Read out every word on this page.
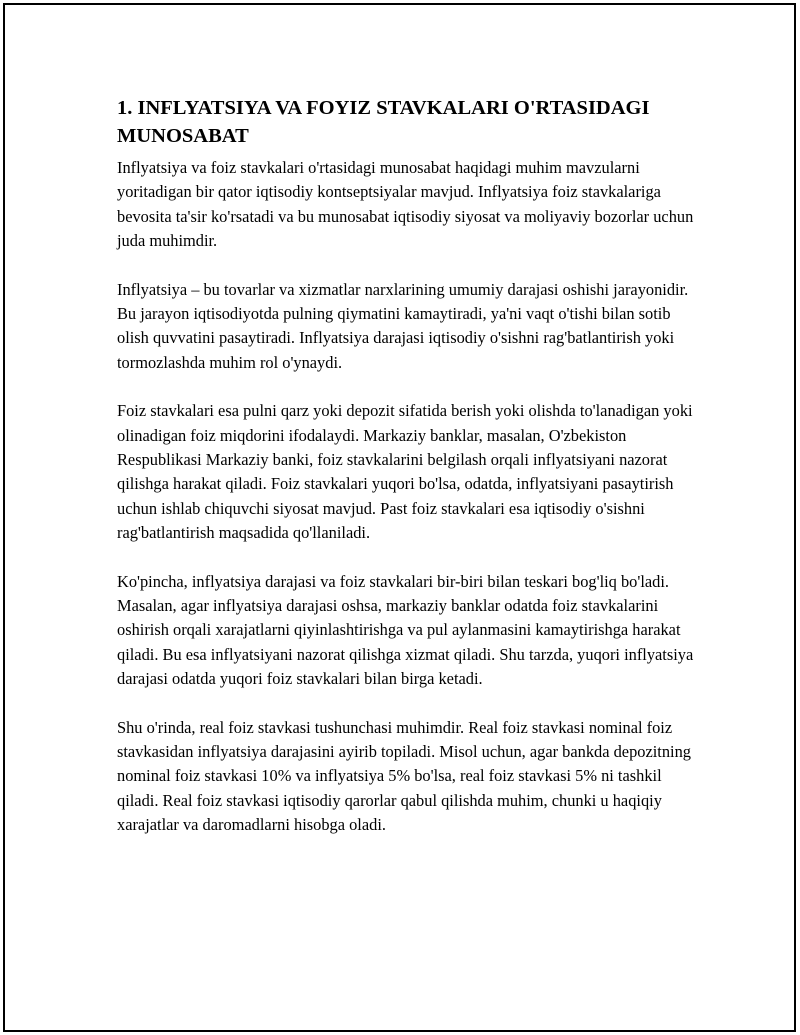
1. INFLYATSIYA VA FOYIZ STAVKALARI O'RTASIDAGI MUNOSABAT

Inflyatsiya va foiz stavkalari o'rtasidagi munosabat haqidagi muhim mavzularni yoritadigan bir qator iqtisodiy kontseptsiyalar mavjud. Inflyatsiya foiz stavkalariga bevosita ta'sir ko'rsatadi va bu munosabat iqtisodiy siyosat va moliyaviy bozorlar uchun juda muhimdir.

Inflyatsiya – bu tovarlar va xizmatlar narxlarining umumiy darajasi oshishi jarayonidir. Bu jarayon iqtisodiyotda pulning qiymatini kamaytiradi, ya'ni vaqt o'tishi bilan sotib olish quvvatini pasaytiradi. Inflyatsiya darajasi iqtisodiy o'sishni rag'batlantirish yoki tormozlashda muhim rol o'ynaydi.

Foiz stavkalari esa pulni qarz yoki depozit sifatida berish yoki olishda to'lanadigan yoki olinadigan foiz miqdorini ifodalaydi. Markaziy banklar, masalan, O'zbekiston Respublikasi Markaziy banki, foiz stavkalarini belgilash orqali inflyatsiyani nazorat qilishga harakat qiladi. Foiz stavkalari yuqori bo'lsa, odatda, inflyatsiyani pasaytirish uchun ishlab chiquvchi siyosat mavjud. Past foiz stavkalari esa iqtisodiy o'sishni rag'batlantirish maqsadida qo'llaniladi.

Ko'pincha, inflyatsiya darajasi va foiz stavkalari bir-biri bilan teskari bog'liq bo'ladi. Masalan, agar inflyatsiya darajasi oshsa, markaziy banklar odatda foiz stavkalarini oshirish orqali xarajatlarni qiyinlashtirishga va pul aylanmasini kamaytirishga harakat qiladi. Bu esa inflyatsiyani nazorat qilishga xizmat qiladi. Shu tarzda, yuqori inflyatsiya darajasi odatda yuqori foiz stavkalari bilan birga ketadi.

Shu o'rinda, real foiz stavkasi tushunchasi muhimdir. Real foiz stavkasi nominal foiz stavkasidan inflyatsiya darajasini ayirib topiladi. Misol uchun, agar bankda depozitning nominal foiz stavkasi 10% va inflyatsiya 5% bo'lsa, real foiz stavkasi 5% ni tashkil qiladi. Real foiz stavkasi iqtisodiy qarorlar qabul qilishda muhim, chunki u haqiqiy xarajatlar va daromadlarni hisobga oladi.
